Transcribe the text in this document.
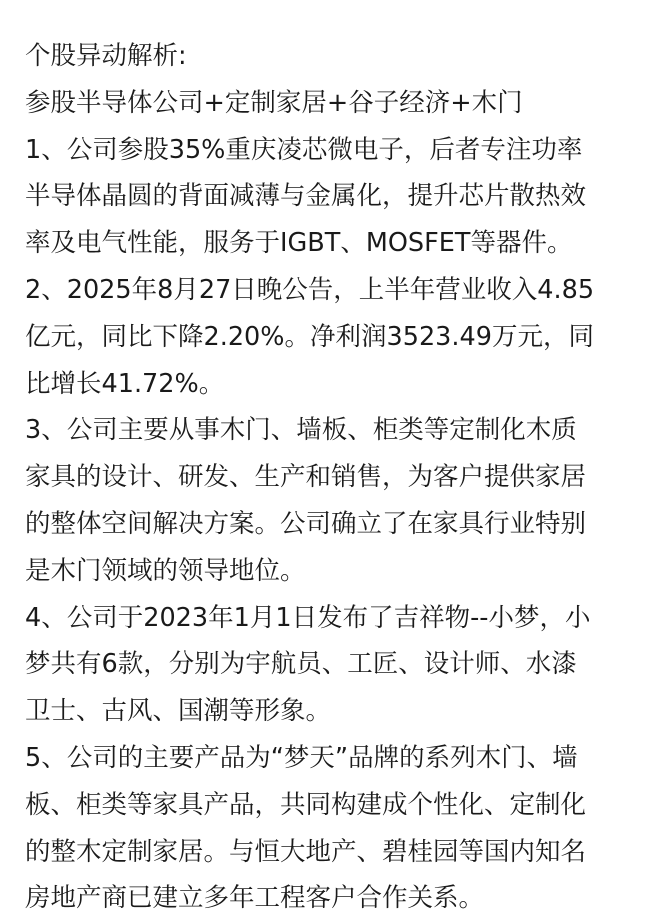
个股异动解析:
参股半导体公司+定制家居+谷子经济+木门
1、公司参股35%重庆凌芯微电子，后者专注功率
半导体晶圆的背面减薄与金属化，提升芯片散热效
率及电气性能，服务于IGBT、MOSFET等器件。
2、2025年8月27日晚公告，上半年营业收入4.85
亿元，同比下降2.20%。净利润3523.49万元，同
比增长41.72%。
3、公司主要从事木门、墙板、柜类等定制化木质
家具的设计、研发、生产和销售，为客户提供家居
的整体空间解决方案。公司确立了在家具行业特别
是木门领域的领导地位。
4、公司于2023年1月1日发布了吉祥物--小梦，小
梦共有6款，分别为宇航员、工匠、设计师、水漆
卫士、古风、国潮等形象。
5、公司的主要产品为“梦天”品牌的系列木门、墙
板、柜类等家具产品，共同构建成个性化、定制化
的整木定制家居。与恒大地产、碧桂园等国内知名
房地产商已建立多年工程客户合作关系。
